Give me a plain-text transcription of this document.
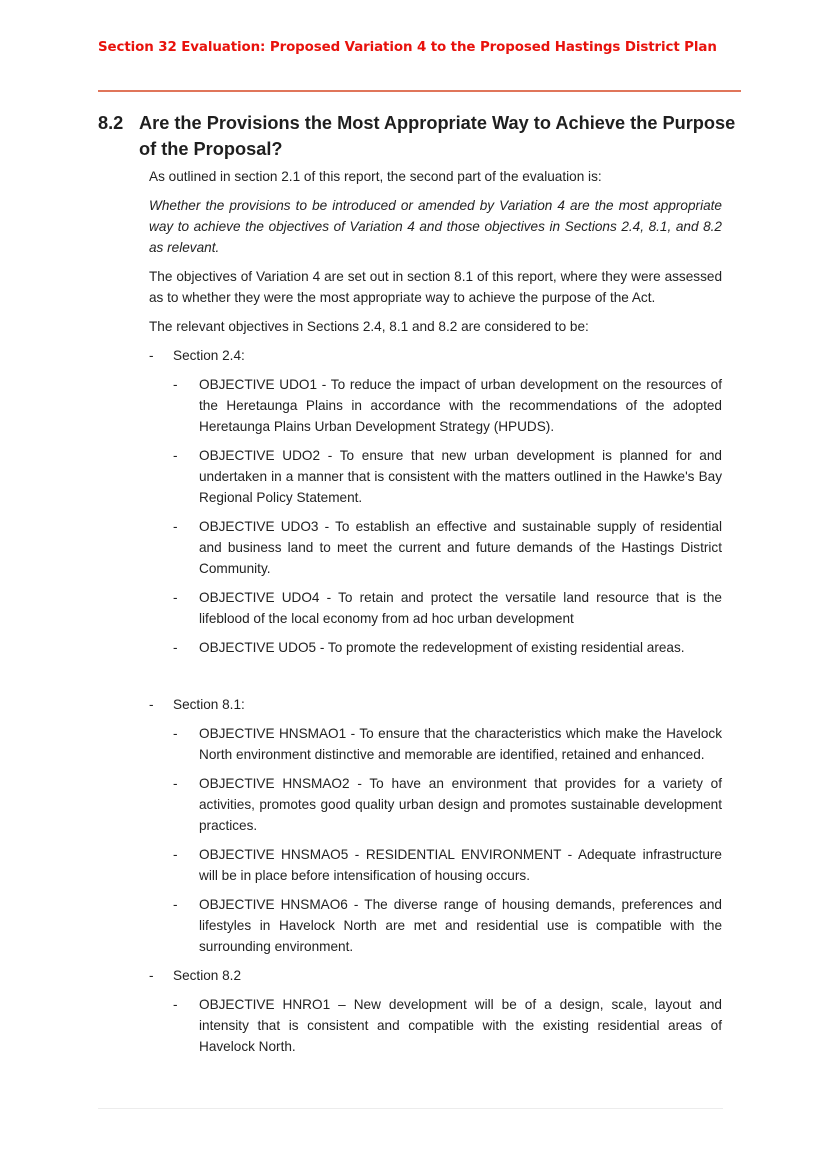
Section 32 Evaluation: Proposed Variation 4 to the Proposed Hastings District Plan
8.2 Are the Provisions the Most Appropriate Way to Achieve the Purpose of the Proposal?

As outlined in section 2.1 of this report, the second part of the evaluation is:

Whether the provisions to be introduced or amended by Variation 4 are the most appropriate way to achieve the objectives of Variation 4 and those objectives in Sections 2.4, 8.1, and 8.2 as relevant.

The objectives of Variation 4 are set out in section 8.1 of this report, where they were assessed as to whether they were the most appropriate way to achieve the purpose of the Act.

The relevant objectives in Sections 2.4, 8.1 and 8.2 are considered to be:

- Section 2.4:
- OBJECTIVE UDO1 - To reduce the impact of urban development on the resources of the Heretaunga Plains in accordance with the recommendations of the adopted Heretaunga Plains Urban Development Strategy (HPUDS).
- OBJECTIVE UDO2 - To ensure that new urban development is planned for and undertaken in a manner that is consistent with the matters outlined in the Hawke's Bay Regional Policy Statement.
- OBJECTIVE UDO3 - To establish an effective and sustainable supply of residential and business land to meet the current and future demands of the Hastings District Community.
- OBJECTIVE UDO4 - To retain and protect the versatile land resource that is the lifeblood of the local economy from ad hoc urban development
- OBJECTIVE UDO5 - To promote the redevelopment of existing residential areas.
- Section 8.1:
- OBJECTIVE HNSMAO1 - To ensure that the characteristics which make the Havelock North environment distinctive and memorable are identified, retained and enhanced.
- OBJECTIVE HNSMAO2 - To have an environment that provides for a variety of activities, promotes good quality urban design and promotes sustainable development practices.
- OBJECTIVE HNSMAO5 - RESIDENTIAL ENVIRONMENT - Adequate infrastructure will be in place before intensification of housing occurs.
- OBJECTIVE HNSMAO6 - The diverse range of housing demands, preferences and lifestyles in Havelock North are met and residential use is compatible with the surrounding environment.
- Section 8.2
- OBJECTIVE HNRO1 – New development will be of a design, scale, layout and intensity that is consistent and compatible with the existing residential areas of Havelock North.
